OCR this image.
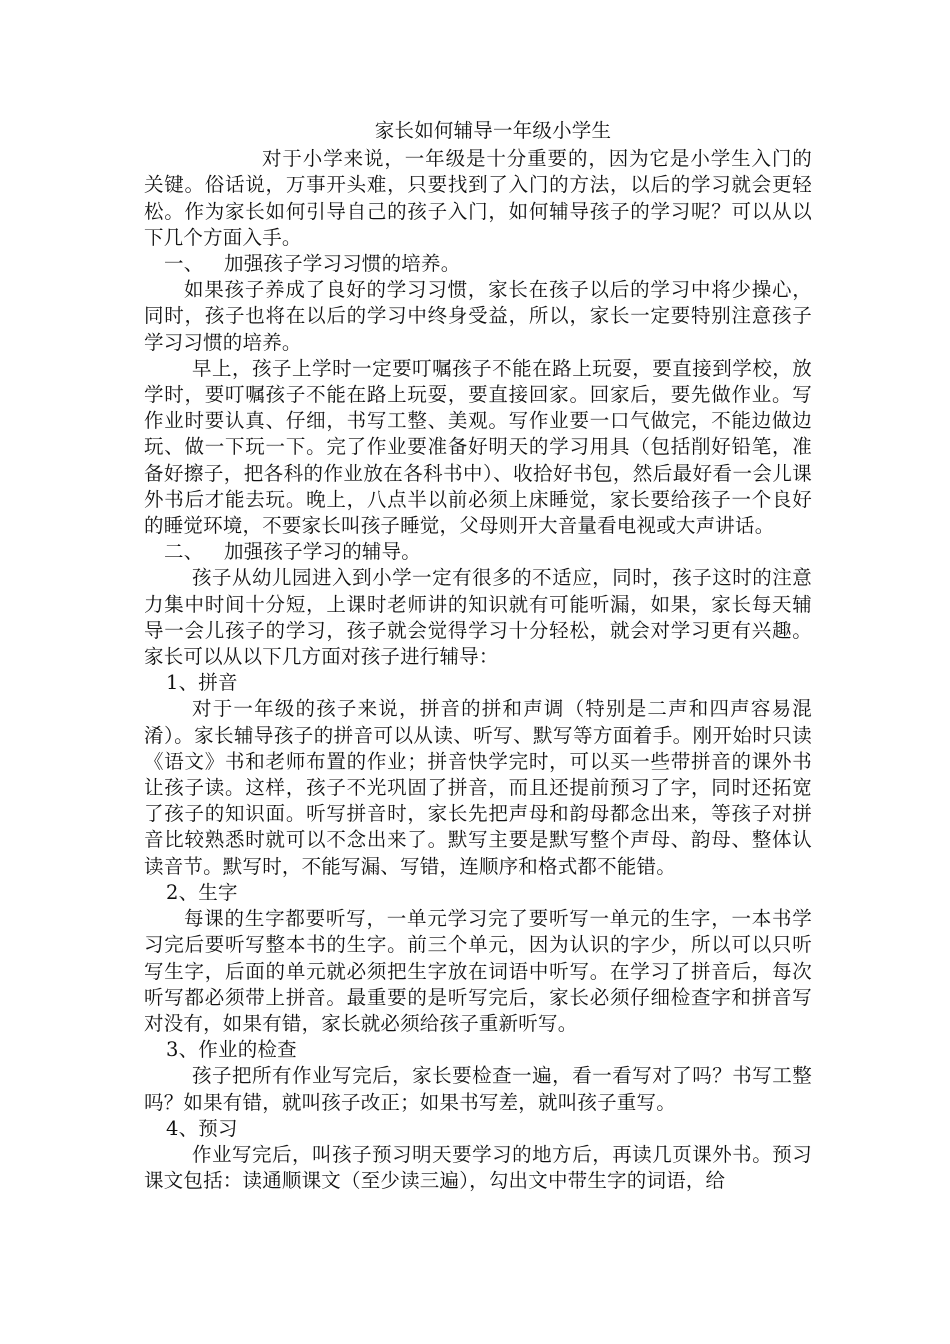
家长如何辅导一年级小学生

对于小学来说，一年级是十分重要的，因为它是小学生入门的关键。俗话说，万事开头难，只要找到了入门的方法，以后的学习就会更轻松。作为家长如何引导自己的孩子入门，如何辅导孩子的学习呢？可以从以下几个方面入手。

一、 加强孩子学习习惯的培养。

如果孩子养成了良好的学习习惯，家长在孩子以后的学习中将少操心，同时，孩子也将在以后的学习中终身受益，所以，家长一定要特别注意孩子学习习惯的培养。

早上，孩子上学时一定要叮嘱孩子不能在路上玩耍，要直接到学校，放学时，要叮嘱孩子不能在路上玩耍，要直接回家。回家后，要先做作业。写作业时要认真、仔细，书写工整、美观。写作业要一口气做完，不能边做边玩、做一下玩一下。完了作业要准备好明天的学习用具（包括削好铅笔，准备好擦子，把各科的作业放在各科书中）、收拾好书包，然后最好看一会儿课外书后才能去玩。晚上，八点半以前必须上床睡觉，家长要给孩子一个良好的睡觉环境，不要家长叫孩子睡觉，父母则开大音量看电视或大声讲话。

二、 加强孩子学习的辅导。

孩子从幼儿园进入到小学一定有很多的不适应，同时，孩子这时的注意力集中时间十分短，上课时老师讲的知识就有可能听漏，如果，家长每天辅导一会儿孩子的学习，孩子就会觉得学习十分轻松，就会对学习更有兴趣。家长可以从以下几方面对孩子进行辅导：

1、拼音

对于一年级的孩子来说，拼音的拼和声调（特别是二声和四声容易混淆）。家长辅导孩子的拼音可以从读、听写、默写等方面着手。刚开始时只读《语文》书和老师布置的作业；拼音快学完时，可以买一些带拼音的课外书让孩子读。这样，孩子不光巩固了拼音，而且还提前预习了字，同时还拓宽了孩子的知识面。听写拼音时，家长先把声母和韵母都念出来，等孩子对拼音比较熟悉时就可以不念出来了。默写主要是默写整个声母、韵母、整体认读音节。默写时，不能写漏、写错，连顺序和格式都不能错。

2、生字

每课的生字都要听写，一单元学习完了要听写一单元的生字，一本书学习完后要听写整本书的生字。前三个单元，因为认识的字少，所以可以只听写生字，后面的单元就必须把生字放在词语中听写。在学习了拼音后，每次听写都必须带上拼音。最重要的是听写完后，家长必须仔细检查字和拼音写对没有，如果有错，家长就必须给孩子重新听写。

3、作业的检查

孩子把所有作业写完后，家长要检查一遍，看一看写对了吗？书写工整吗？如果有错，就叫孩子改正；如果书写差，就叫孩子重写。

4、预习

作业写完后，叫孩子预习明天要学习的地方后，再读几页课外书。预习课文包括：读通顺课文（至少读三遍），勾出文中带生字的词语，给
